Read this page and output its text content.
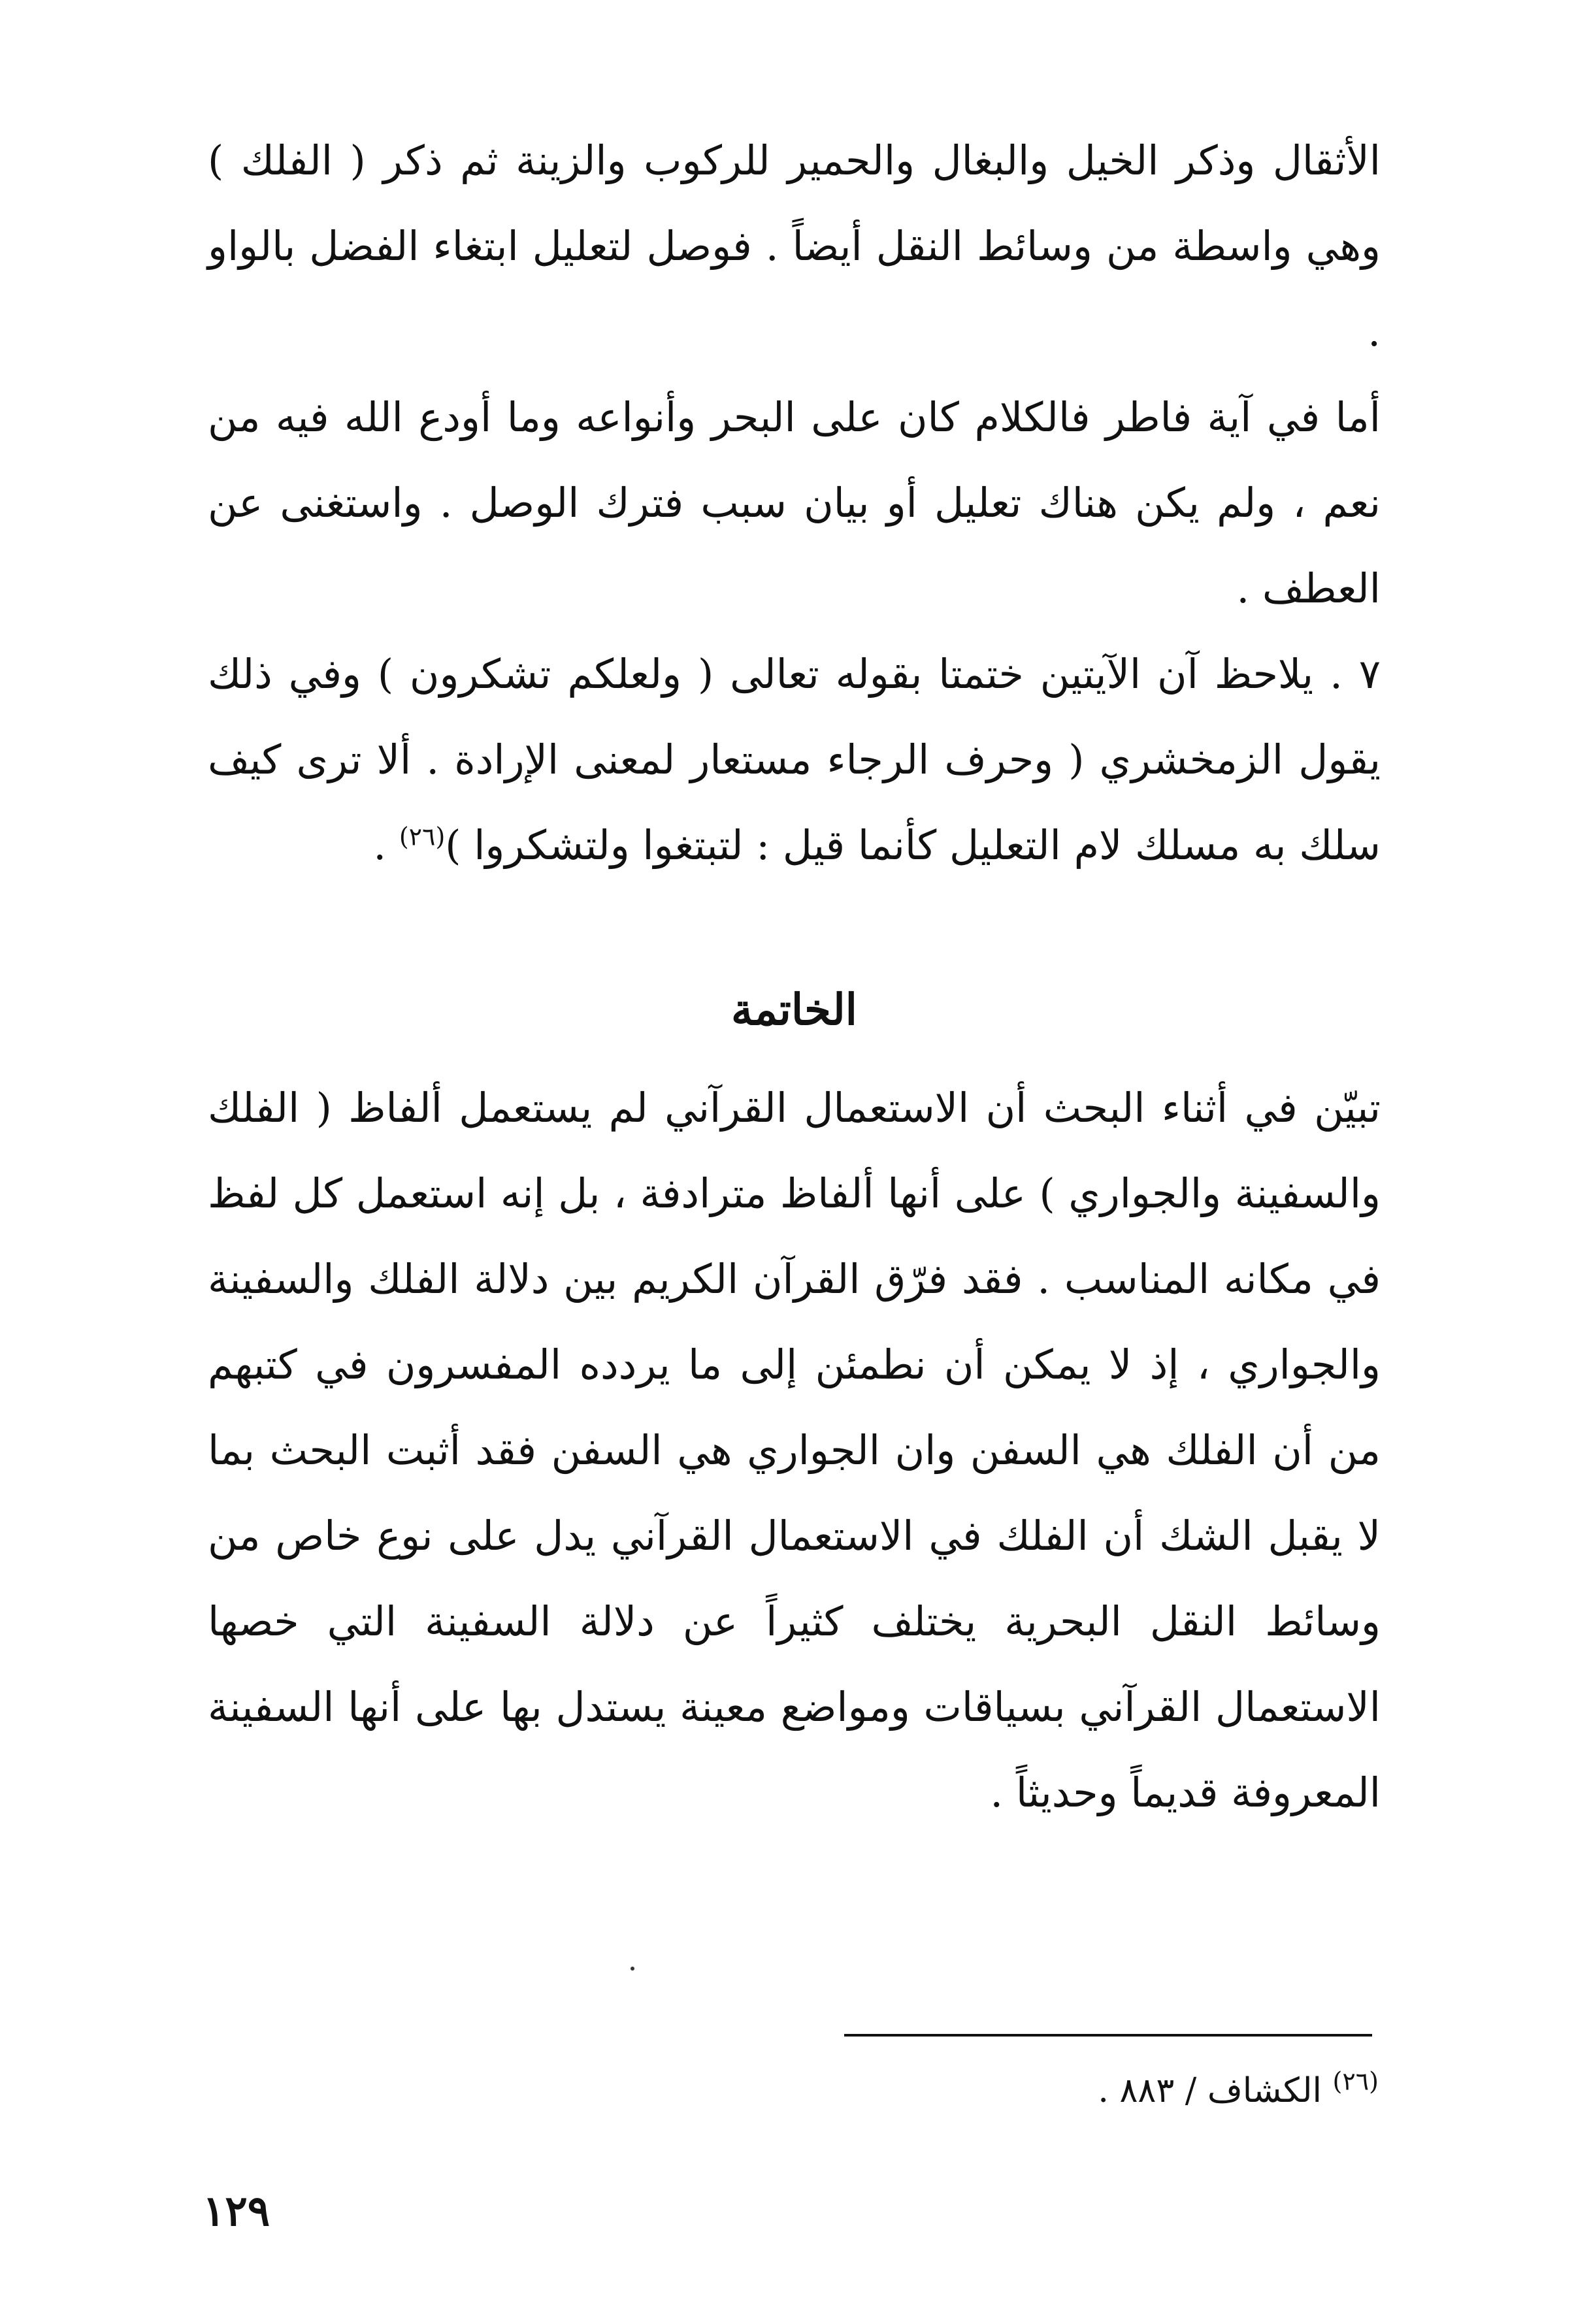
الأثقال وذكر الخيل والبغال والحمير للركوب والزينة ثم ذكر ( الفلك ) وهي واسطة من وسائط النقل أيضاً . فوصل لتعليل ابتغاء الفضل بالواو .

أما في آية فاطر فالكلام كان على البحر وأنواعه وما أودع الله فيه من نعم ، ولم يكن هناك تعليل أو بيان سبب فترك الوصل . واستغنى عن العطف .

٧ . يلاحظ آن الآيتين ختمتا بقوله تعالى ( ولعلكم تشكرون ) وفي ذلك يقول الزمخشري ( وحرف الرجاء مستعار لمعنى الإرادة . ألا ترى كيف سلك به مسلك لام التعليل كأنما قيل : لتبتغوا ولتشكروا )$^{(٢٦)}$ .

الخاتمة

تبيّن في أثناء البحث أن الاستعمال القرآني لم يستعمل ألفاظ ( الفلك والسفينة والجواري ) على أنها ألفاظ مترادفة ، بل إنه استعمل كل لفظ في مكانه المناسب . فقد فرّق القرآن الكريم بين دلالة الفلك والسفينة والجواري ، إذ لا يمكن أن نطمئن إلى ما يردده المفسرون في كتبهم من أن الفلك هي السفن وان الجواري هي السفن فقد أثبت البحث بما لا يقبل الشك أن الفلك في الاستعمال القرآني يدل على نوع خاص من وسائط النقل البحرية يختلف كثيراً عن دلالة السفينة التي خصها الاستعمال القرآني بسياقات ومواضع معينة يستدل بها على أنها السفينة المعروفة قديماً وحديثاً .

$^{(٢٦)}$ الكشاف / ٨٨٣ .
١٢٩
